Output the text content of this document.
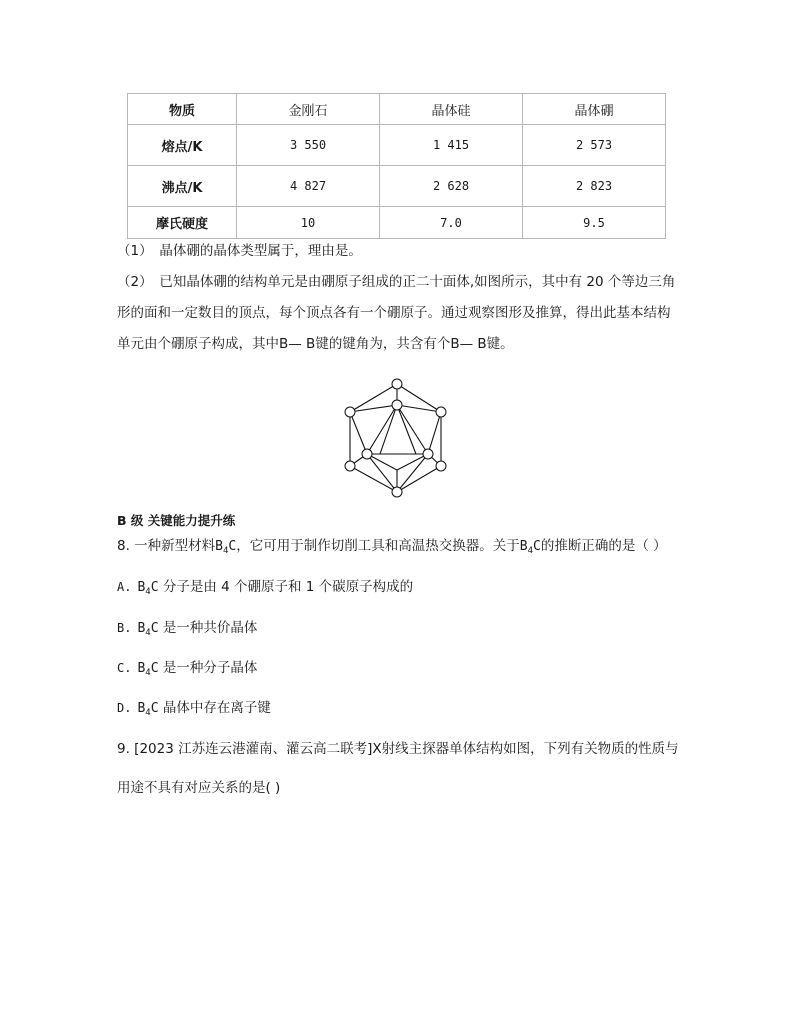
物质	金刚石	晶体硅	晶体硼
熔点/K	3 550	1 415	2 573
沸点/K	4 827	2 628	2 823
摩氏硬度	10	7.0	9.5
（1）　晶体硼的晶体类型属于，理由是。
（2）　已知晶体硼的结构单元是由硼原子组成的正二十面体,如图所示，其中有 20 个等边三角
形的面和一定数目的顶点，每个顶点各有一个硼原子。通过观察图形及推算，得出此基本结构
单元由个硼原子构成，其中B— B键的键角为，共含有个B— B键。
B 级 关键能力提升练
8. 一种新型材料$B_4C$，它可用于制作切削工具和高温热交换器。关于$B_4C$的推断正确的是（ ）
A. $B_4C$ 分子是由 4 个硼原子和 1 个碳原子构成的
B. $B_4C$ 是一种共价晶体
C. $B_4C$ 是一种分子晶体
D. $B_4C$ 晶体中存在离子键
9. [2023 江苏连云港灌南、灌云高二联考]X射线主探器单体结构如图，下列有关物质的性质与
用途不具有对应关系的是( )
